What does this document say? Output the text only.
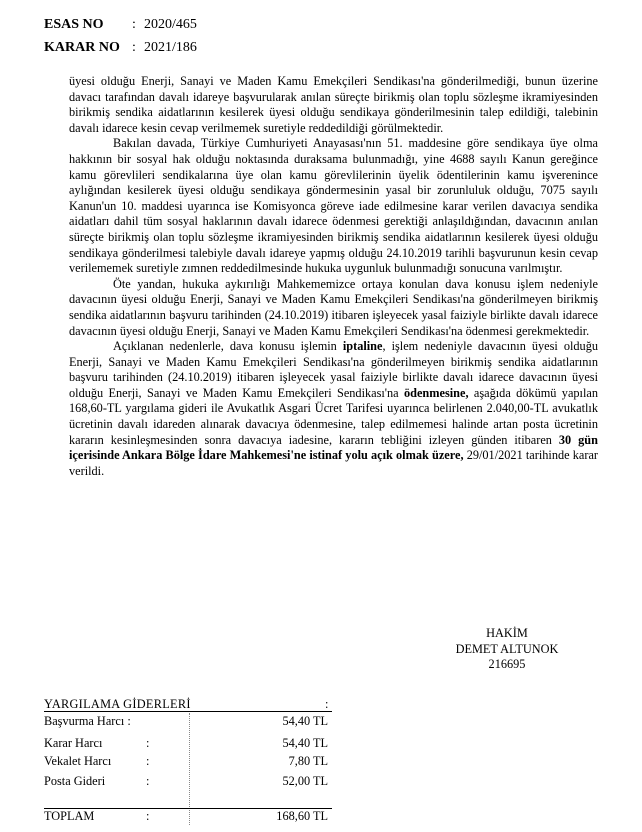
ESAS NO : 2020/465
KARAR NO : 2021/186

üyesi olduğu Enerji, Sanayi ve Maden Kamu Emekçileri Sendikası'na gönderilmediği, bunun üzerine davacı tarafından davalı idareye başvurularak anılan süreçte birikmiş olan toplu sözleşme ikramiyesinden birikmiş sendika aidatlarının kesilerek üyesi olduğu sendikaya gönderilmesinin talep edildiği, talebinin davalı idarece kesin cevap verilmemek suretiyle reddedildiği görülmektedir.

Bakılan davada, Türkiye Cumhuriyeti Anayasası'nın 51. maddesine göre sendikaya üye olma hakkının bir sosyal hak olduğu noktasında duraksama bulunmadığı, yine 4688 sayılı Kanun gereğince kamu görevlileri sendikalarına üye olan kamu görevlilerinin üyelik ödentilerinin kamu işverenince aylığından kesilerek üyesi olduğu sendikaya göndermesinin yasal bir zorunluluk olduğu, 7075 sayılı Kanun'un 10. maddesi uyarınca ise Komisyonca göreve iade edilmesine karar verilen davacıya sendika aidatları dahil tüm sosyal haklarının davalı idarece ödenmesi gerektiği anlaşıldığından, davacının anılan süreçte birikmiş olan toplu sözleşme ikramiyesinden birikmiş sendika aidatlarının kesilerek üyesi olduğu sendikaya gönderilmesi talebiyle davalı idareye yapmış olduğu 24.10.2019 tarihli başvurunun kesin cevap verilememek suretiyle zımnen reddedilmesinde hukuka uygunluk bulunmadığı sonucuna varılmıştır.

Öte yandan, hukuka aykırılığı Mahkememizce ortaya konulan dava konusu işlem nedeniyle davacının üyesi olduğu Enerji, Sanayi ve Maden Kamu Emekçileri Sendikası'na gönderilmeyen birikmiş sendika aidatlarının başvuru tarihinden (24.10.2019) itibaren işleyecek yasal faiziyle birlikte davalı idarece davacının üyesi olduğu Enerji, Sanayi ve Maden Kamu Emekçileri Sendikası'na ödenmesi gerekmektedir.

Açıklanan nedenlerle, dava konusu işlemin iptaline, işlem nedeniyle davacının üyesi olduğu Enerji, Sanayi ve Maden Kamu Emekçileri Sendikası'na gönderilmeyen birikmiş sendika aidatlarının başvuru tarihinden (24.10.2019) itibaren işleyecek yasal faiziyle birlikte davalı idarece davacının üyesi olduğu Enerji, Sanayi ve Maden Kamu Emekçileri Sendikası'na ödenmesine, aşağıda dökümü yapılan 168,60-TL yargılama gideri ile Avukatlık Asgari Ücret Tarifesi uyarınca belirlenen 2.040,00-TL avukatlık ücretinin davalı idareden alınarak davacıya ödenmesine, talep edilmemesi halinde artan posta ücretinin kararın kesinleşmesinden sonra davacıya iadesine, kararın tebliğini izleyen günden itibaren 30 gün içerisinde Ankara Bölge İdare Mahkemesi'ne istinaf yolu açık olmak üzere, 29/01/2021 tarihinde karar verildi.

HAKİM
DEMET ALTUNOK
216695
YARGILAMA GİDERLERİ	:
Başvurma Harcı :	54,40 TL
Karar Harcı	:	54,40 TL
Vekalet Harcı	:	7,80 TL
Posta Gideri	:	52,00 TL
TOPLAM	:	168,60 TL
